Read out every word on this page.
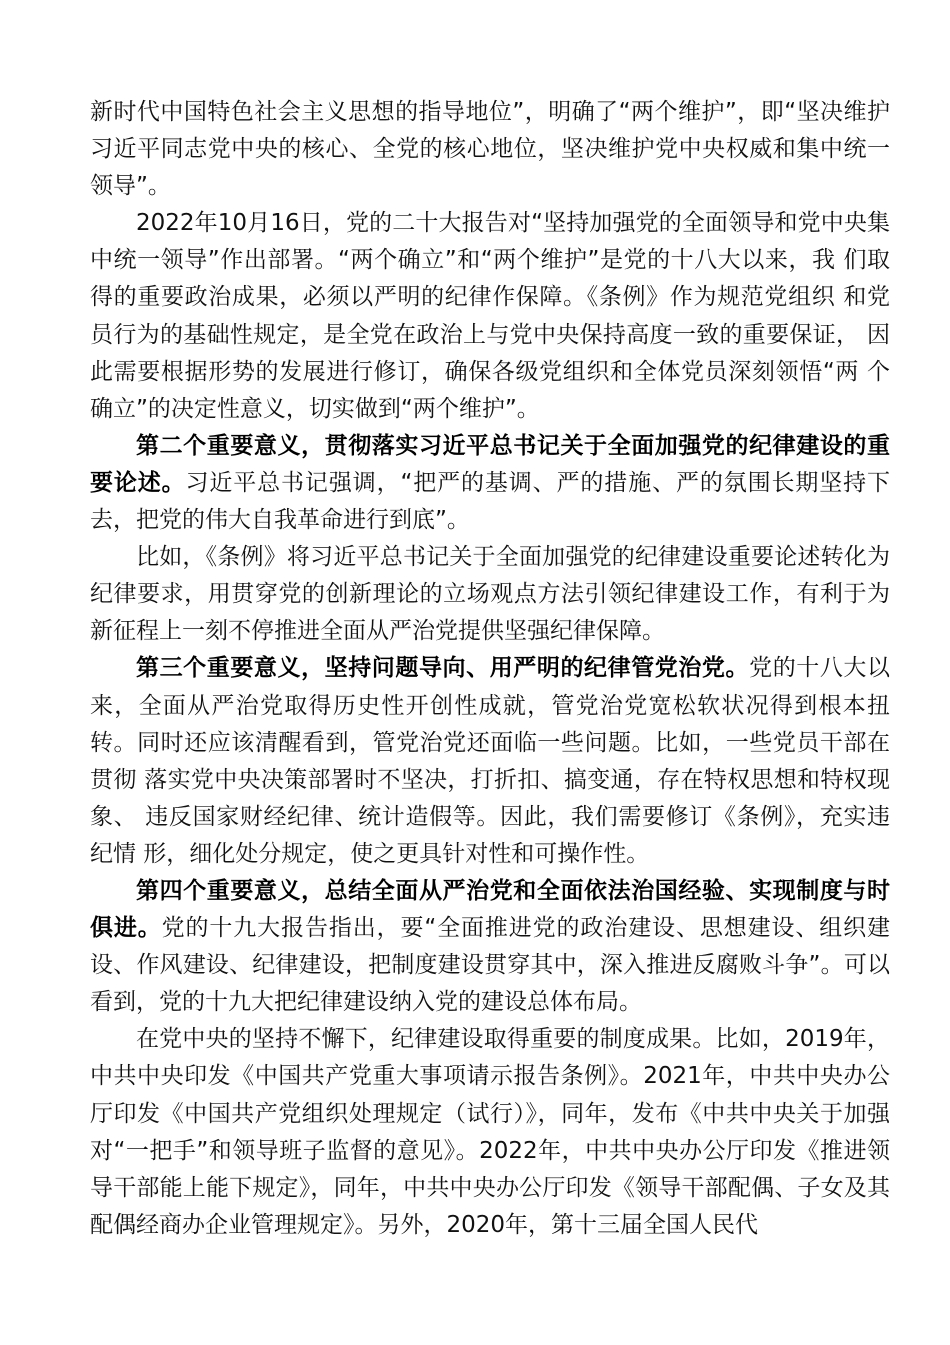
新时代中国特色社会主义思想的指导地位”，明确了“两个维护”，即“坚决维护习近平同志党中央的核心、全党的核心地位，坚决维护党中央权威和集中统一领导”。

2022年10月16日，党的二十大报告对“坚持加强党的全面领导和党中央集中统一领导”作出部署。“两个确立”和“两个维护”是党的十八大以来，我 们取得的重要政治成果，必须以严明的纪律作保障。《条例》作为规范党组织 和党员行为的基础性规定，是全党在政治上与党中央保持高度一致的重要保证， 因此需要根据形势的发展进行修订，确保各级党组织和全体党员深刻领悟“两 个确立”的决定性意义，切实做到“两个维护”。

第二个重要意义，贯彻落实习近平总书记关于全面加强党的纪律建设的重要论述。习近平总书记强调，“把严的基调、严的措施、严的氛围长期坚持下去，把党的伟大自我革命进行到底”。

比如，《条例》将习近平总书记关于全面加强党的纪律建设重要论述转化为纪律要求，用贯穿党的创新理论的立场观点方法引领纪律建设工作，有利于为新征程上一刻不停推进全面从严治党提供坚强纪律保障。

第三个重要意义，坚持问题导向、用严明的纪律管党治党。党的十八大以来，全面从严治党取得历史性开创性成就，管党治党宽松软状况得到根本扭转。同时还应该清醒看到，管党治党还面临一些问题。比如，一些党员干部在贯彻 落实党中央决策部署时不坚决，打折扣、搞变通，存在特权思想和特权现象、 违反国家财经纪律、统计造假等。因此，我们需要修订《条例》，充实违纪情 形，细化处分规定，使之更具针对性和可操作性。

第四个重要意义，总结全面从严治党和全面依法治国经验、实现制度与时俱进。党的十九大报告指出，要“全面推进党的政治建设、思想建设、组织建设、作风建设、纪律建设，把制度建设贯穿其中，深入推进反腐败斗争”。可以看到，党的十九大把纪律建设纳入党的建设总体布局。

在党中央的坚持不懈下，纪律建设取得重要的制度成果。比如，2019年， 中共中央印发《中国共产党重大事项请示报告条例》。2021年，中共中央办公厅印发《中国共产党组织处理规定（试行）》，同年，发布《中共中央关于加强对“一把手”和领导班子监督的意见》。2022年，中共中央办公厅印发《推进领导干部能上能下规定》，同年，中共中央办公厅印发《领导干部配偶、子女及其配偶经商办企业管理规定》。另外，2020年，第十三届全国人民代
